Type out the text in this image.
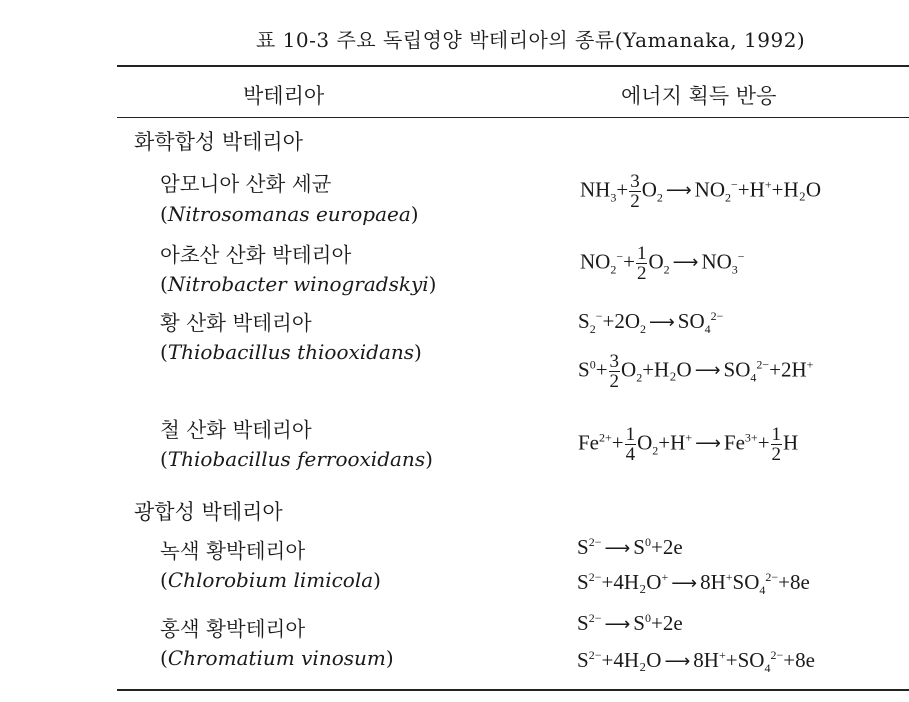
표 10-3 주요 독립영양 박테리아의 종류(Yamanaka, 1992)
박테리아	에너지 획득 반응
화학합성 박테리아
암모니아 산화 세균
(Nitrosomanas europaea)
아초산 산화 박테리아
(Nitrobacter winogradskyi)
황 산화 박테리아
(Thiobacillus thiooxidans)
철 산화 박테리아
(Thiobacillus ferrooxidans)
광합성 박테리아
녹색 황박테리아
(Chlorobium limicola)
홍색 황박테리아
(Chromatium vinosum)
$NH_3+ \frac{3}{2} O_2$ ⟶ $NO_2^-+H^++H_2O$
$NO_2^-+ \frac{1}{2} O_2$ ⟶ $NO_3^-$
$S_2^-+2O_2$ ⟶ $SO_4^{2-}$
$S^0+ \frac{3}{2} O_2+H_2O$ ⟶ $SO_4^{2-}+2H^+$
$Fe^{2+}+ \frac{1}{4} O_2+H^+$ ⟶ $Fe^{3+}+ \frac{1}{2}$ H
$S^{2-}$ ⟶ $S^0+2e$
$S^{2-}+4H_2O^+$ ⟶ $8H^+SO_4^{2-}+8e$
$S^{2-}$ ⟶ $S^0+2e$
$S^{2-}+4H_2O$ ⟶ $8H^++SO_4^{2-}+8e$
